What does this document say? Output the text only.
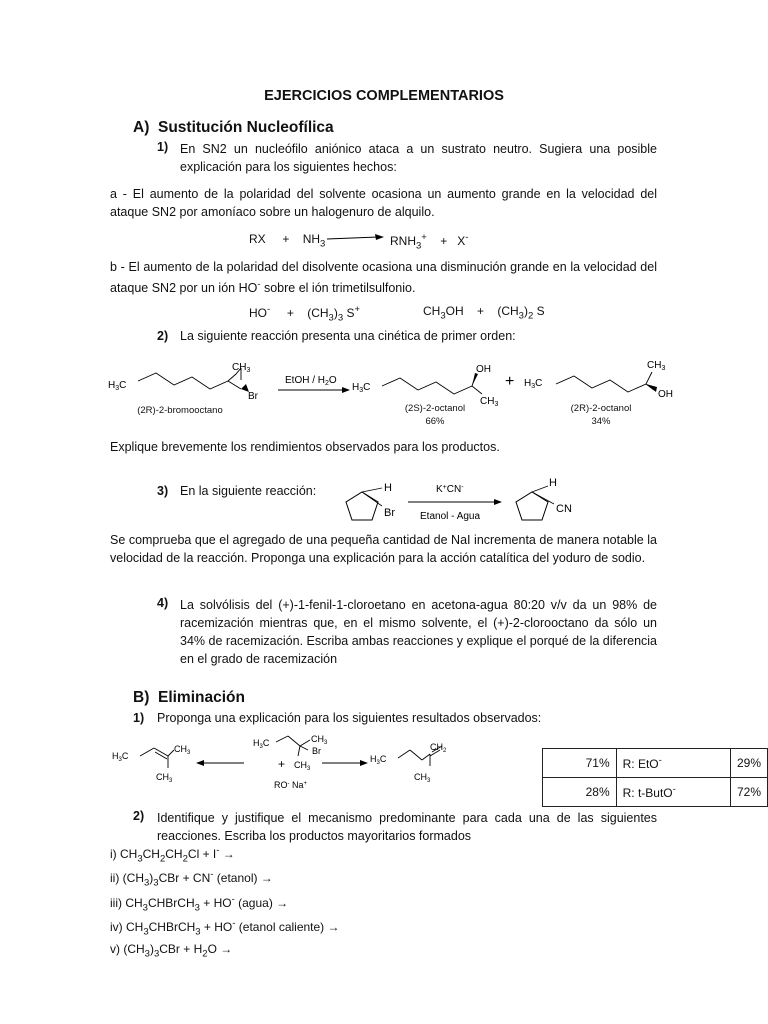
EJERCICIOS COMPLEMENTARIOS
A) Sustitución Nucleofílica
1) En SN2 un nucleófilo aniónico ataca a un sustrato neutro. Sugiera una posible explicación para los siguientes hechos:
a - El aumento de la polaridad del solvente ocasiona un aumento grande en la velocidad del ataque SN2 por amoníaco sobre un halogenuro de alquilo.
RX + $NH_3$	$RNH_3^+ + X^-$
b - El aumento de la polaridad del disolvente ocasiona una disminución grande en la velocidad del ataque SN2 por un ión HO- sobre el ión trimetilsulfonio.
$HO^- + (CH_3)_3$ S+	$CH_3OH + (CH_3)_2$ S
2) La siguiente reacción presenta una cinética de primer orden:
$H_3C$
$CH_3$
Br
EtOH / $H_2O$
$H_3C$
OH
$CH_3$
+ $H_3C$
$CH_3$
OH
(2R)-2-bromooctano	(2S)-2-octanol
66%
(2R)-2-octanol
34%
Explique brevemente los rendimientos observados para los productos.
3) En la siguiente reacción:	H
Br
K+CN-
Etanol - Agua
H
CN
Se comprueba que el agregado de una pequeña cantidad de NaI incrementa de manera notable la velocidad de la reacción. Proponga una explicación para la acción catalítica del yoduro de sodio.
4) La solvólisis del (+)-1-fenil-1-cloroetano en acetona-agua 80:20 v/v da un 98% de racemización mientras que, en el mismo solvente, el (+)-2-clorooctano da sólo un 34% de racemización. Escriba ambas reacciones y explique el porqué de la diferencia en el grado de racemización
B) Eliminación
1) Proponga una explicación para los siguientes resultados observados:
$H_3C$
$CH_3$
$CH_3$
$H_3C$	$CH_3$
Br
+ $CH_3$
RO- Na+
$H_3C$
$CH_2$
$CH_3$
71%	R: EtO-	29%
28%	R: t-ButO-	72%
2) Identifique y justifique el mecanismo predominante para cada una de las siguientes reacciones. Escriba los productos mayoritarios formados
i) $CH_3CH_2CH_2Cl + I^-$ →
ii) $(CH_3)_3CBr + CN^-$ (etanol) →
iii) $CH_3CHBrCH_3 + HO^-$ (agua) →
iv) $CH_3CHBrCH_3 + HO^-$ (etanol caliente) →
v) $(CH_3)_3CBr + H_2O$ →
